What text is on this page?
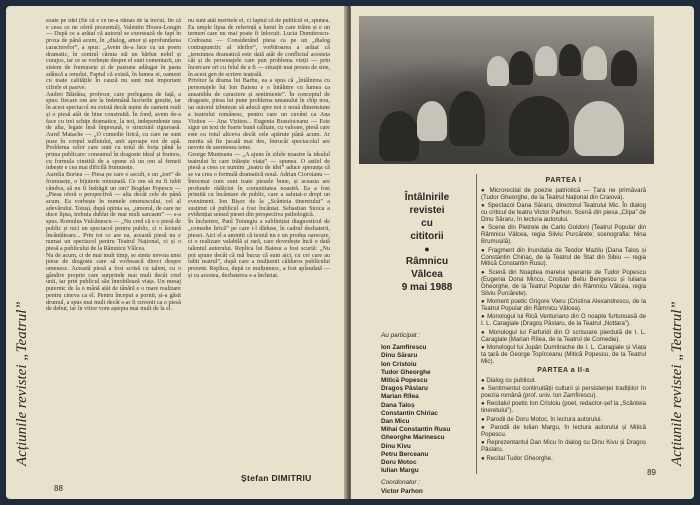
Acțiunile revistei „Teatrul”

axate pe idei (fie că e ce ne-a rămas de la trecut, fie că e ceea ce ne oferă prezentul). Valentin Hossu-Longin — După ce a arătat că autorul se exersează de fapt în proza de până acum, în „dialog, amor și aprofundarea caracterelor”, a spus: „Avem de-a face cu un poem dramatic, în centrul căruia stă un bărbat nobil și curajos, iar ce se vorbește despre el sunt comentarii, un sistem de frumusețe și de pasiune adăugat în pasta adâncă a omului. Faptul că există, în lumea ei, oameni cu toate calitățile în cauză nu sunt mai important cifrele ei pasive.

Andrei Bătrâna, profesor, care prelegarea de față, a spus: fiecare om are la îndemână lucrurile greșite, iar în acest spectacol nu există decât nume de oameni reali și o piesă atât de bine construită. În fond, avem de-a face cu trei schițe dramatice, la noi, independente una de alta, legate însă împreună, o structură riguroasă. Aurel Matache — „O comedie lirică, cu care ne sunt puse în corpul sufletului, anii aproape noi de apă. Problema celor care sunt cu totul de forța până la prima publicare: consumul în dragoste ideal și frumos, cu formula cinstită de a spune că un om al femeii iubește e cea mai dificilă frumusețe.

Aurelia Boriea — Piesa pe care o ascult, e un „tort” de frumusețe, o bijuterie minunată. Ce om să nu fi iubit cândva, să nu fi îndrăgit un om? Bogdan Popescu — „Piesa oferă o perspectivă — alta decât cele de până acum. Ea vorbește în numele omenescului, cel al adevărului. Totuși, după opinia sa, „umorul, de care ne duce lipsa, trebuia dublat de mai mult sarcasm” — s-a spus. Romulus Vulcănescu — „Nu cred că e o piesă de public și nici un spectacol pentru public, ci o lectură încântătoare... Prin tot ce are ea, această piesă nu e numai un spectacol pentru Teatrul Național, ci și o piesă a publicului de la Râmnicu Vâlcea.

Nu de acum, ci de mai mult timp, se simte nevoia unei piese de dragoste care să vorbească direct despre omenesc. Această piesă a fost scrisă cu talent, cu o gândire proprie care surprinde mai mult decât cred unii, iar prin publicul său înnobilează viața. Un mesaj puternic de la o mână atât de tânără e o mare realizare pentru cineva ca el. Pentru început a pornit, și-a găsit drumul, a spus mai mult decât s-ar fi cuvenit ca o piesă de debut, iar în viitor vom aștepta mai mult de la el.

nu sunt atât meritele ei, ci faptul că de publicul ei, spunea. Ea umple lipsa de referință a lumii în care trăim și e un termen care nu mai poate fi înlocuit. Lucia Dumitrescu-Codreanu — Considerând piesa ca pe un „dialog contrapunctic al ideilor”, vorbitoarea a arătat că „tensiunea dramatică este dată atât de conflictul acesteia cât și de personajele care pun problema vieții — prin încercare ori cu felul de a fi — situații mai presus de sine, în acest gen de scriere teatrală.

Privitor la drama lui Barbu, ea a spus că „întâlnirea cu personajele lui Ion Baiesu e o întâlnire cu lumea ca ansamblu de caractere și sentimente”. În conceptul de dragoste, piesa lui pune problema umanului în chip nou, iar autorul izbutește să aducă spre noi o nouă dimensiune a teatrului românesc, pentru care un cuvânt ca Ana Viziteu — Ana Viziteu... Eugenia Busuioceanu — Este sigur un text de foarte bună calitate, cu valoare, piesă care este cu totul altceva decât cele apărute până acum. Ar merita să fie jucată mai des, întrucât spectacolul are nevoie de asemenea teme.

George Munteanu — „A ajuns în zilele noastre la idealul teatrului în care trăiește viața” — spunea. O astfel de piesă a ceea ce numim „teatru de idei” aduce speranța că se va crea o formulă dramatică nouă. Adrian Cioroianu — Întocmai cum sunt toate piesele bune, și aceasta are profunde rădăcini în comunitatea noastră. Ea a fost primită cu încântare de public, care a salutat-o drept un eveniment. Ion Bișoc de la „Scânteia tineretului” a susținut că publicul a fost încântat. Sebastian Stoica a evidențiat sensul piesei din perspectiva psihologică.

În încheiere, Paul Tutungiu a sublinițiat diagnosticul de „comedie lirică” pe care i-l dăduse, în cadrul dezbaterii, piesei. Aici el a amintit că textul nu e un produs oarecare, ci o realizare valabilă și rară, care dovedește încă o dată talentul autorului. Replica lui Baiesu a fost scurtă: „Nu pot spune decât că mă bucur că sunt aici, cu cei care au iubit teatrul”, după care a mulțumit călduros publicului prezent. Replica, după ce mulțumesc, a fost aplaudată — și cu acestea, dezbaterea s-a încheiat.

Ștefan DIMITRIU
88
Întâlnirile
revistei
cu
cititorii
●
Râmnicu
Vâlcea
9 mai 1988
Au participat :
Ion Zamfirescu
Dinu Săraru
Ion Cristoiu
Tudor Gheorghe
Mitică Popescu
Dragoș Pâslaru
Marian Rîlea
Dana Taloș
Constantin Chiriac
Dan Micu
Mihai Constantin Rusu
Gheorghe Marinescu
Dinu Kivu
Petru Berceanu
Doru Motoc
Iulian Margu
Coordonator :
Victor Parhon
PARTEA I
● Microrecital de poezie patriotică — Țara ne primăvară (Tudor Gheorghe, de la Teatrul Național din Craiova).
● Spectacol Dana Săraru, directorul Teatrului Mic. În dialog cu criticul de teatru Victor Parhon. Scenă din piesa „Clipa” de Dinu Săraru, în lectura autorului.
● Scene din Pietrele de Carlo Goldoni (Teatrul Popular din Râmnicu Vâlcea, regia Silviu Purcărete; scenografia: Nina Brumușilă).
● Fragment din Inundația de Teodor Mazilu (Dana Taloș și Constantin Chiriac, de la Teatrul de Stat din Sibiu — regia Mitică Constantin Rusu).
● Scenă din Noaptea marelui speranțe de Tudor Popescu (Eugenia Dona Mincu, Cristian Bellu Bengescu și Iuliana Gheorghe, de la Teatrul Popular din Râmnicu Vâlcea, regia Silviu Purcărete).
● Moment poetic Grigore Vieru (Cristina Alexandrescu, de la Teatrul Popular din Râmnicu Vâlcea).
● Monologul lui Rică Venturiano din O noapte furtunoasă de I. L. Caragiale (Dragoș Pâslaru, de la Teatrul „Nottara”).
● Monologul lui Farfuridi din O scrisoare pierdută de I. L. Caragiale (Marian Rîlea, de la Teatrul de Comedie).
● Monologul lui Jupân Dumitrache de I. L. Caragiale și Viața ta țară de George Topîrceanu (Mitică Popescu, de la Teatrul Mic).
PARTEA a II-a
● Dialog cu publicul.
● Sentimentul continuității culturii și persistenței tradițiilor în poezia română (prof. univ. Ion Zamfirescu).
● Recitalul poetic Ion Cristoiu (poet, redactor-șef la „Scânteia tineretului”).
● Parodii de Doru Motoc, în lectura autorului.
● Parodii de Iulian Margu, în lectura autorului și Mitică Popescu.
● Reprezentantul Dan Micu în dialog cu Dinu Kivu și Dragoș Pâslaru.
● Recital Tudor Gheorghe.	Acțiunile revistei „Teatrul”
89
